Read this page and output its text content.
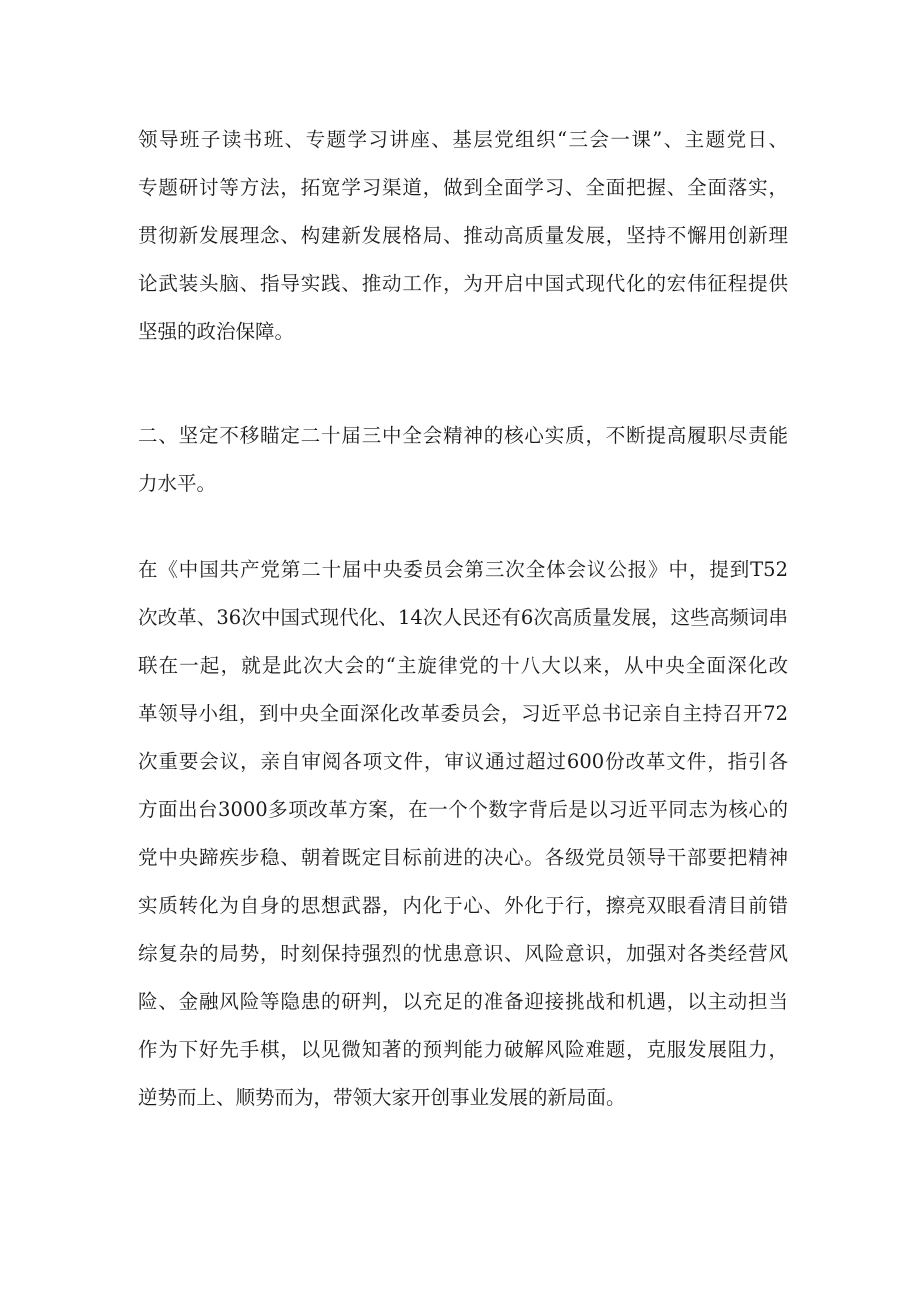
领导班子读书班、专题学习讲座、基层党组织“三会一课”、主题党日、
专题研讨等方法，拓宽学习渠道，做到全面学习、全面把握、全面落实，
贯彻新发展理念、构建新发展格局、推动高质量发展，坚持不懈用创新理
论武装头脑、指导实践、推动工作，为开启中国式现代化的宏伟征程提供
坚强的政治保障。
二、坚定不移瞄定二十届三中全会精神的核心实质，不断提高履职尽责能
力水平。
在《中国共产党第二十届中央委员会第三次全体会议公报》中，提到T52
次改革、36次中国式现代化、14次人民还有6次高质量发展，这些高频词串
联在一起，就是此次大会的“主旋律党的十八大以来，从中央全面深化改
革领导小组，到中央全面深化改革委员会，习近平总书记亲自主持召开72
次重要会议，亲自审阅各项文件，审议通过超过600份改革文件，指引各
方面出台3000多项改革方案，在一个个数字背后是以习近平同志为核心的
党中央蹄疾步稳、朝着既定目标前进的决心。各级党员领导干部要把精神
实质转化为自身的思想武器，内化于心、外化于行，擦亮双眼看清目前错
综复杂的局势，时刻保持强烈的忧患意识、风险意识，加强对各类经营风
险、金融风险等隐患的研判，以充足的准备迎接挑战和机遇，以主动担当
作为下好先手棋，以见微知著的预判能力破解风险难题，克服发展阻力，
逆势而上、顺势而为，带领大家开创事业发展的新局面。
